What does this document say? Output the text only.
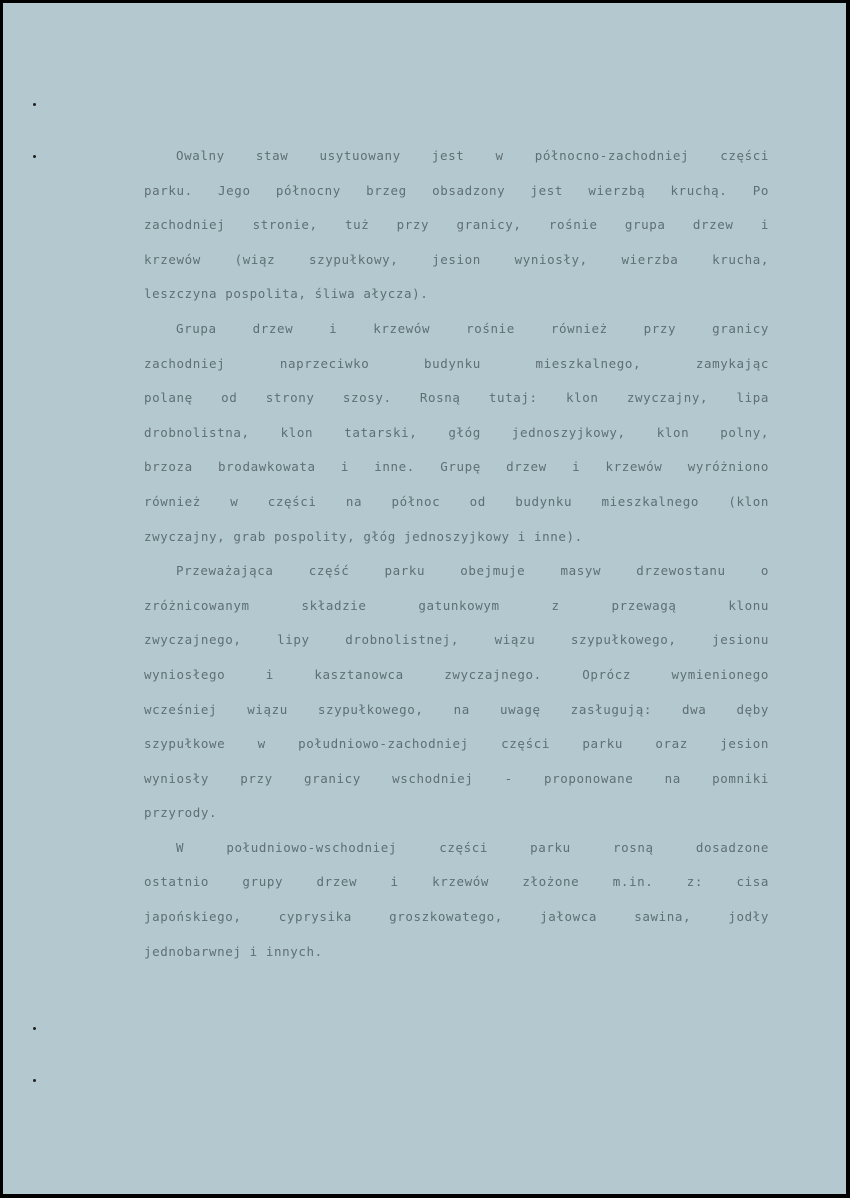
Owalny staw usytuowany jest w północno-zachodniej części
parku. Jego północny brzeg obsadzony jest wierzbą kruchą. Po
zachodniej stronie, tuż przy granicy, rośnie grupa drzew i
krzewów (wiąz szypułkowy, jesion wyniosły, wierzba krucha,
leszczyna pospolita, śliwa ałycza).
Grupa drzew i krzewów rośnie również przy granicy
zachodniej naprzeciwko budynku mieszkalnego, zamykając
polanę od strony szosy. Rosną tutaj: klon zwyczajny, lipa
drobnolistna, klon tatarski, głóg jednoszyjkowy, klon polny,
brzoza brodawkowata i inne. Grupę drzew i krzewów wyróżniono
również w części na północ od budynku mieszkalnego (klon
zwyczajny, grab pospolity, głóg jednoszyjkowy i inne).
Przeważająca część parku obejmuje masyw drzewostanu o
zróżnicowanym składzie gatunkowym z przewagą klonu
zwyczajnego, lipy drobnolistnej, wiązu szypułkowego, jesionu
wyniosłego i kasztanowca zwyczajnego. Oprócz wymienionego
wcześniej wiązu szypułkowego, na uwagę zasługują: dwa dęby
szypułkowe w południowo-zachodniej części parku oraz jesion
wyniosły przy granicy wschodniej - proponowane na pomniki
przyrody.
W południowo-wschodniej części parku rosną dosadzone
ostatnio grupy drzew i krzewów złożone m.in. z: cisa
japońskiego, cyprysika groszkowatego, jałowca sawina, jodły
jednobarwnej i innych.
